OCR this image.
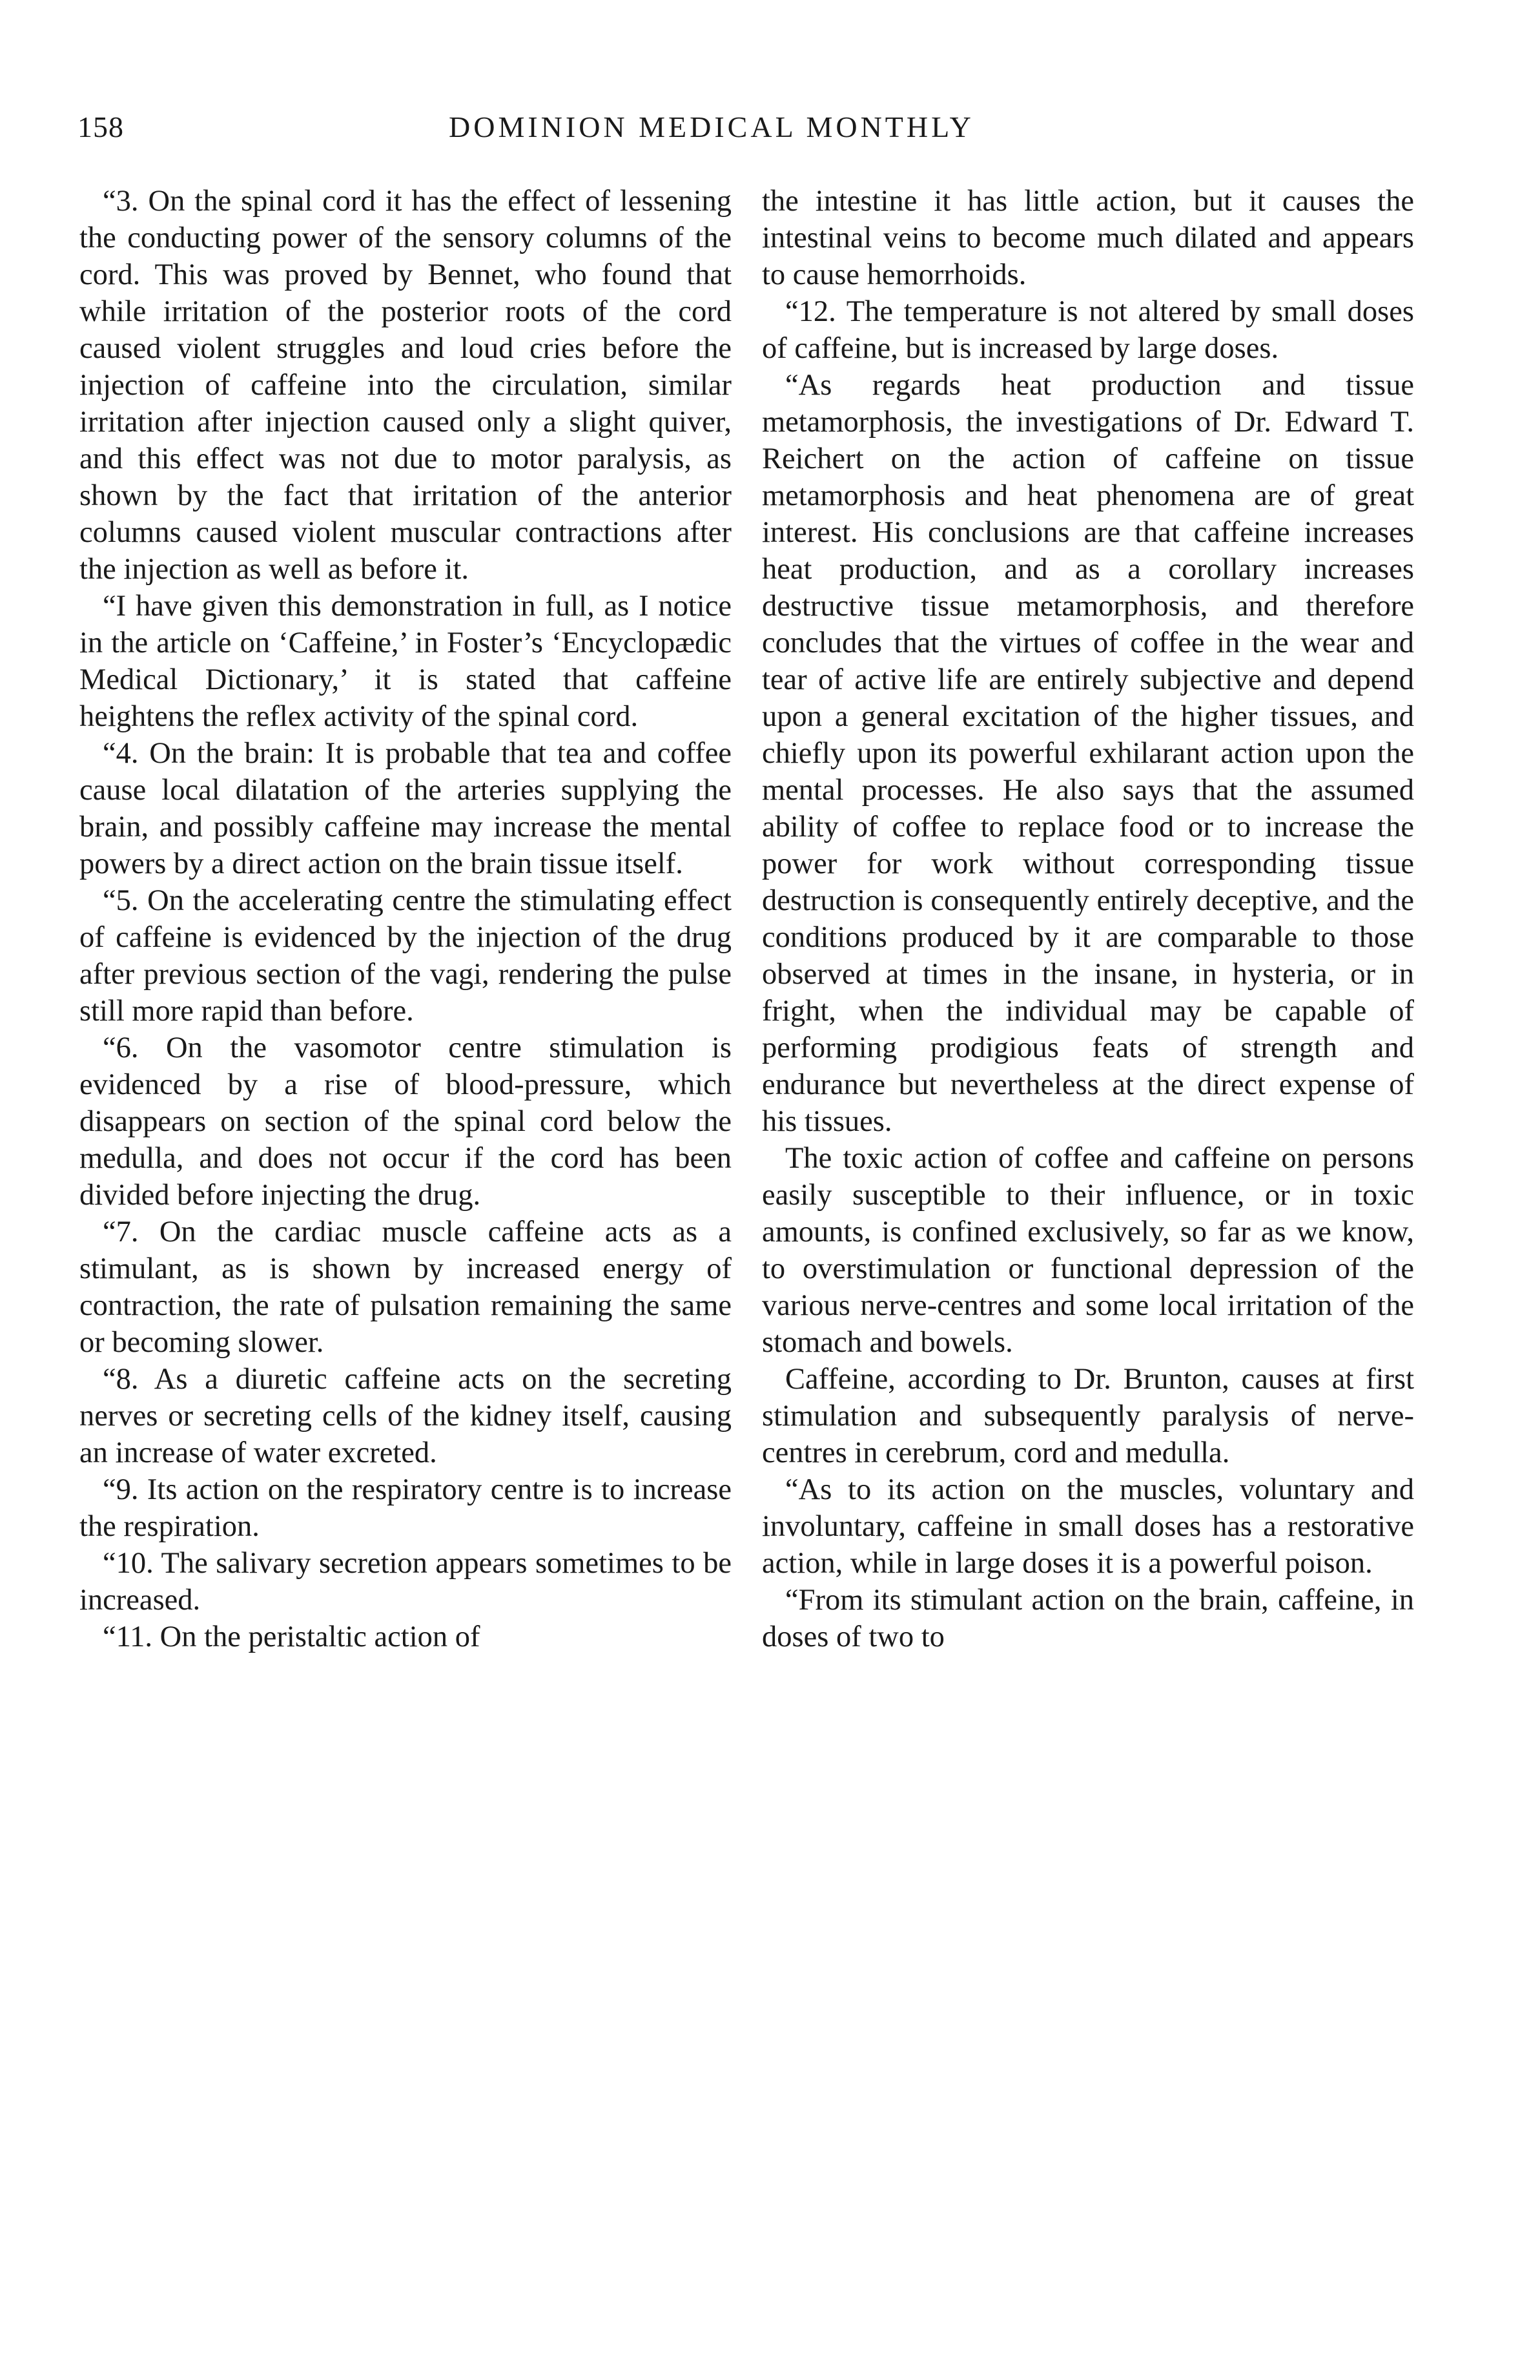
158	DOMINION MEDICAL MONTHLY

“3. On the spinal cord it has the effect of lessening the conducting power of the sensory columns of the cord. This was proved by Bennet, who found that while irritation of the posterior roots of the cord caused violent struggles and loud cries before the injection of caffeine into the circulation, similar irritation after injection caused only a slight quiver, and this effect was not due to motor paralysis, as shown by the fact that irritation of the anterior columns caused violent muscular contractions after the injection as well as before it.

“I have given this demonstration in full, as I notice in the article on ‘Caffeine,’ in Foster’s ‘Encyclopædic Medical Dictionary,’ it is stated that caffeine heightens the reflex activity of the spinal cord.

“4. On the brain: It is probable that tea and coffee cause local dilatation of the arteries supplying the brain, and possibly caffeine may increase the mental powers by a direct action on the brain tissue itself.

“5. On the accelerating centre the stimulating effect of caffeine is evidenced by the injection of the drug after previous section of the vagi, rendering the pulse still more rapid than before.

“6. On the vasomotor centre stimulation is evidenced by a rise of blood-pressure, which disappears on section of the spinal cord below the medulla, and does not occur if the cord has been divided before injecting the drug.

“7. On the cardiac muscle caffeine acts as a stimulant, as is shown by increased energy of contraction, the rate of pulsation remaining the same or becoming slower.

“8. As a diuretic caffeine acts on the secreting nerves or secreting cells of the kidney itself, causing an increase of water excreted.

“9. Its action on the respiratory centre is to increase the respiration.

“10. The salivary secretion appears sometimes to be increased.

“11. On the peristaltic action of

the intestine it has little action, but it causes the intestinal veins to become much dilated and appears to cause hemorrhoids.

“12. The temperature is not altered by small doses of caffeine, but is increased by large doses.

“As regards heat production and tissue metamorphosis, the investigations of Dr. Edward T. Reichert on the action of caffeine on tissue metamorphosis and heat phenomena are of great interest. His conclusions are that caffeine increases heat production, and as a corollary increases destructive tissue metamorphosis, and therefore concludes that the virtues of coffee in the wear and tear of active life are entirely subjective and depend upon a general excitation of the higher tissues, and chiefly upon its powerful exhilarant action upon the mental processes. He also says that the assumed ability of coffee to replace food or to increase the power for work without corresponding tissue destruction is consequently entirely deceptive, and the conditions produced by it are comparable to those observed at times in the insane, in hysteria, or in fright, when the individual may be capable of performing prodigious feats of strength and endurance but nevertheless at the direct expense of his tissues.

The toxic action of coffee and caffeine on persons easily susceptible to their influence, or in toxic amounts, is confined exclusively, so far as we know, to overstimulation or functional depression of the various nerve-centres and some local irritation of the stomach and bowels.

Caffeine, according to Dr. Brunton, causes at first stimulation and subsequently paralysis of nerve-centres in cerebrum, cord and medulla.

“As to its action on the muscles, voluntary and involuntary, caffeine in small doses has a restorative action, while in large doses it is a powerful poison.

“From its stimulant action on the brain, caffeine, in doses of two to
